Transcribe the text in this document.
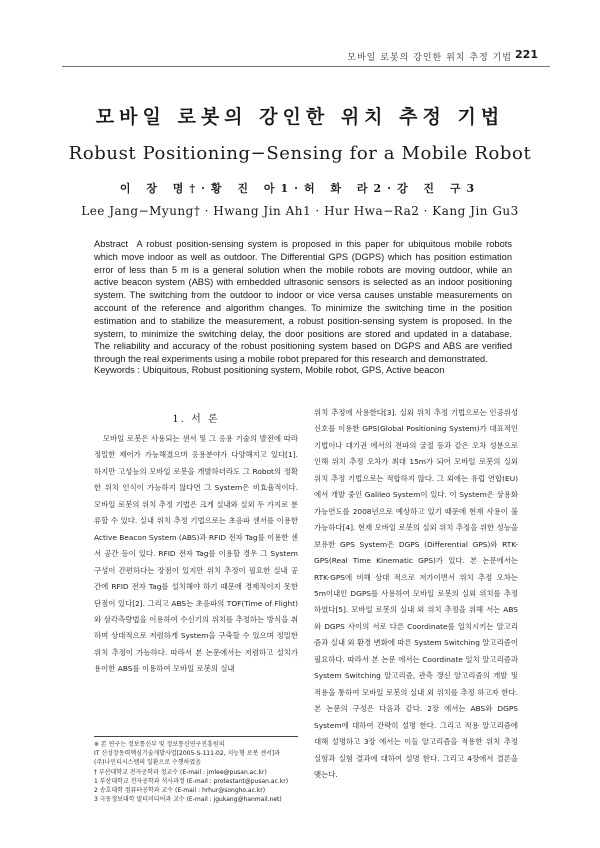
모바일 로봇의 강인한 위치 추정 기법 221
모바일 로봇의 강인한 위치 추정 기법
Robust Positioning−Sensing for a Mobile Robot
이 장 명†·황 진 아1·허 화 라2·강 진 구3
Lee Jang−Myung† · Hwang Jin Ah1 · Hur Hwa−Ra2 · Kang Jin Gu3
Abstract A robust position-sensing system is proposed in this paper for ubiquitous mobile robots which move indoor as well as outdoor. The Differential GPS (DGPS) which has position estimation error of less than 5 m is a general solution when the mobile robots are moving outdoor, while an active beacon system (ABS) with embedded ultrasonic sensors is selected as an indoor positioning system. The switching from the outdoor to indoor or vice versa causes unstable measurements on account of the reference and algorithm changes. To minimize the switching time in the position estimation and to stabilize the measurement, a robust position-sensing system is proposed. In the system, to minimize the switching delay, the door positions are stored and updated in a database. The reliability and accuracy of the robust positioning system based on DGPS and ABS are verified through the real experiments using a mobile robot prepared for this research and demonstrated.
Keywords : Ubiquitous, Robust positioning system, Mobile robot, GPS, Active beacon
1. 서 론
모바일 로봇은 사용되는 센서 및 그 응용 기술의 발전에 따라 정밀한 제어가 가능해졌으며 응용분야가 다양해지고 있다[1]. 하지만 고성능의 모바일 로봇을 개발하더라도 그 Robot의 정확한 위치 인식이 가능하지 않다면 그 System은 비효율적이다. 모바일 로봇의 위치 추정 기법은 크게 실내와 실외 두 가지로 분류할 수 있다. 실내 위치 추정 기법으로는 초음파 센서를 이용한 Active Beacon System (ABS)과 RFID 전자 Tag를 이용한 센서 공간 등이 있다. RFID 전자 Tag를 이용할 경우 그 System 구성이 간편하다는 장점이 있지만 위치 추정이 필요한 실내 공간에 RFID 전자 Tag를 설치해야 하기 때문에 경제적이지 못한 단점이 있다[2]. 그리고 ABS는 초음파의 TOF(Time of Flight)와 삼각측량법을 이용하여 수신기의 위치를 추정하는 방식을 취하며 상대적으로 저렴하게 System을 구축할 수 있으며 정밀한 위치 추정이 가능하다. 따라서 본 논문에서는 저렴하고 설치가 용이한 ABS를 이용하여 모바일 로봇의 실내
위치 추정에 사용한다[3]. 실외 위치 추정 기법으로는 인공위성 신호를 이용한 GPS(Global Positioning System)가 대표적인 기법이나 대기권 에서의 전파의 굴절 등과 같은 오차 성분으로 인해 위치 추정 오차가 최대 15m가 되어 모바일 로봇의 실외 위치 추정 기법으로는 적합하지 않다. 그 외에는 유럽 연합(EU)에서 개발 중인 Galileo System이 있다. 이 System은 상용화 가능연도를 2008년으로 예상하고 있기 때문에 현재 사용이 불가능하다[4]. 현재 모바일 로봇의 실외 위치 추정을 위한 성능을 보유한 GPS System은 DGPS (Differential GPS)와 RTK-GPS(Real Time Kinematic GPS)가 있다. 본 논문에서는 RTK-GPS에 비해 상대 적으로 저가이면서 위치 추정 오차는 5m이내인 DGPS를 사용하여 모바일 로봇의 실외 위치를 추정 하였다[5]. 모바일 로봇의 실내 외 위치 추정을 위해 서는 ABS와 DGPS 사이의 서로 다른 Coordinate를 일치시키는 알고리즘과 실내 외 환경 변화에 따른 System Switching 알고리즘이 필요하다. 따라서 본 논문 에서는 Coordinate 일치 알고리즘과 System Switching 알고리즘, 관측 갱신 알고리즘의 개발 및 적용을 통하여 모바일 로봇의 실내 외 위치를 추정 하고자 한다. 본 논문의 구성은 다음과 같다. 2장 에서는 ABS와 DGPS System에 대하여 간략히 설명 한다. 그리고 적용 알고리즘에 대해 설명하고 3장 에서는 이들 알고리즘을 적용한 위치 추정 실험과 실험 결과에 대하여 설명 한다. 그리고 4장에서 결론을 맺는다.
※ 본 연구는 정보통신부 및 정보통신연구진흥원의
IT 신성장동력핵심기술개발사업[2005-S-111-02, 지능형 로봇 센서]과
(주)나인티시스템의 일환으로 수행하였음
† 부산대학교 전자공학과 정교수 (E-mail : jmlee@pusan.ac.kr)
1 부산대학교 전자공학과 석사과정 (E-mail : protestant@pusan.ac.kr)
2 송호대학 컴퓨터공학과 교수 (E-mail : hrhur@songho.ac.kr)
3 극동정보대학 멀티미디어과 교수 (E-mail : jgukang@hanmail.net)
